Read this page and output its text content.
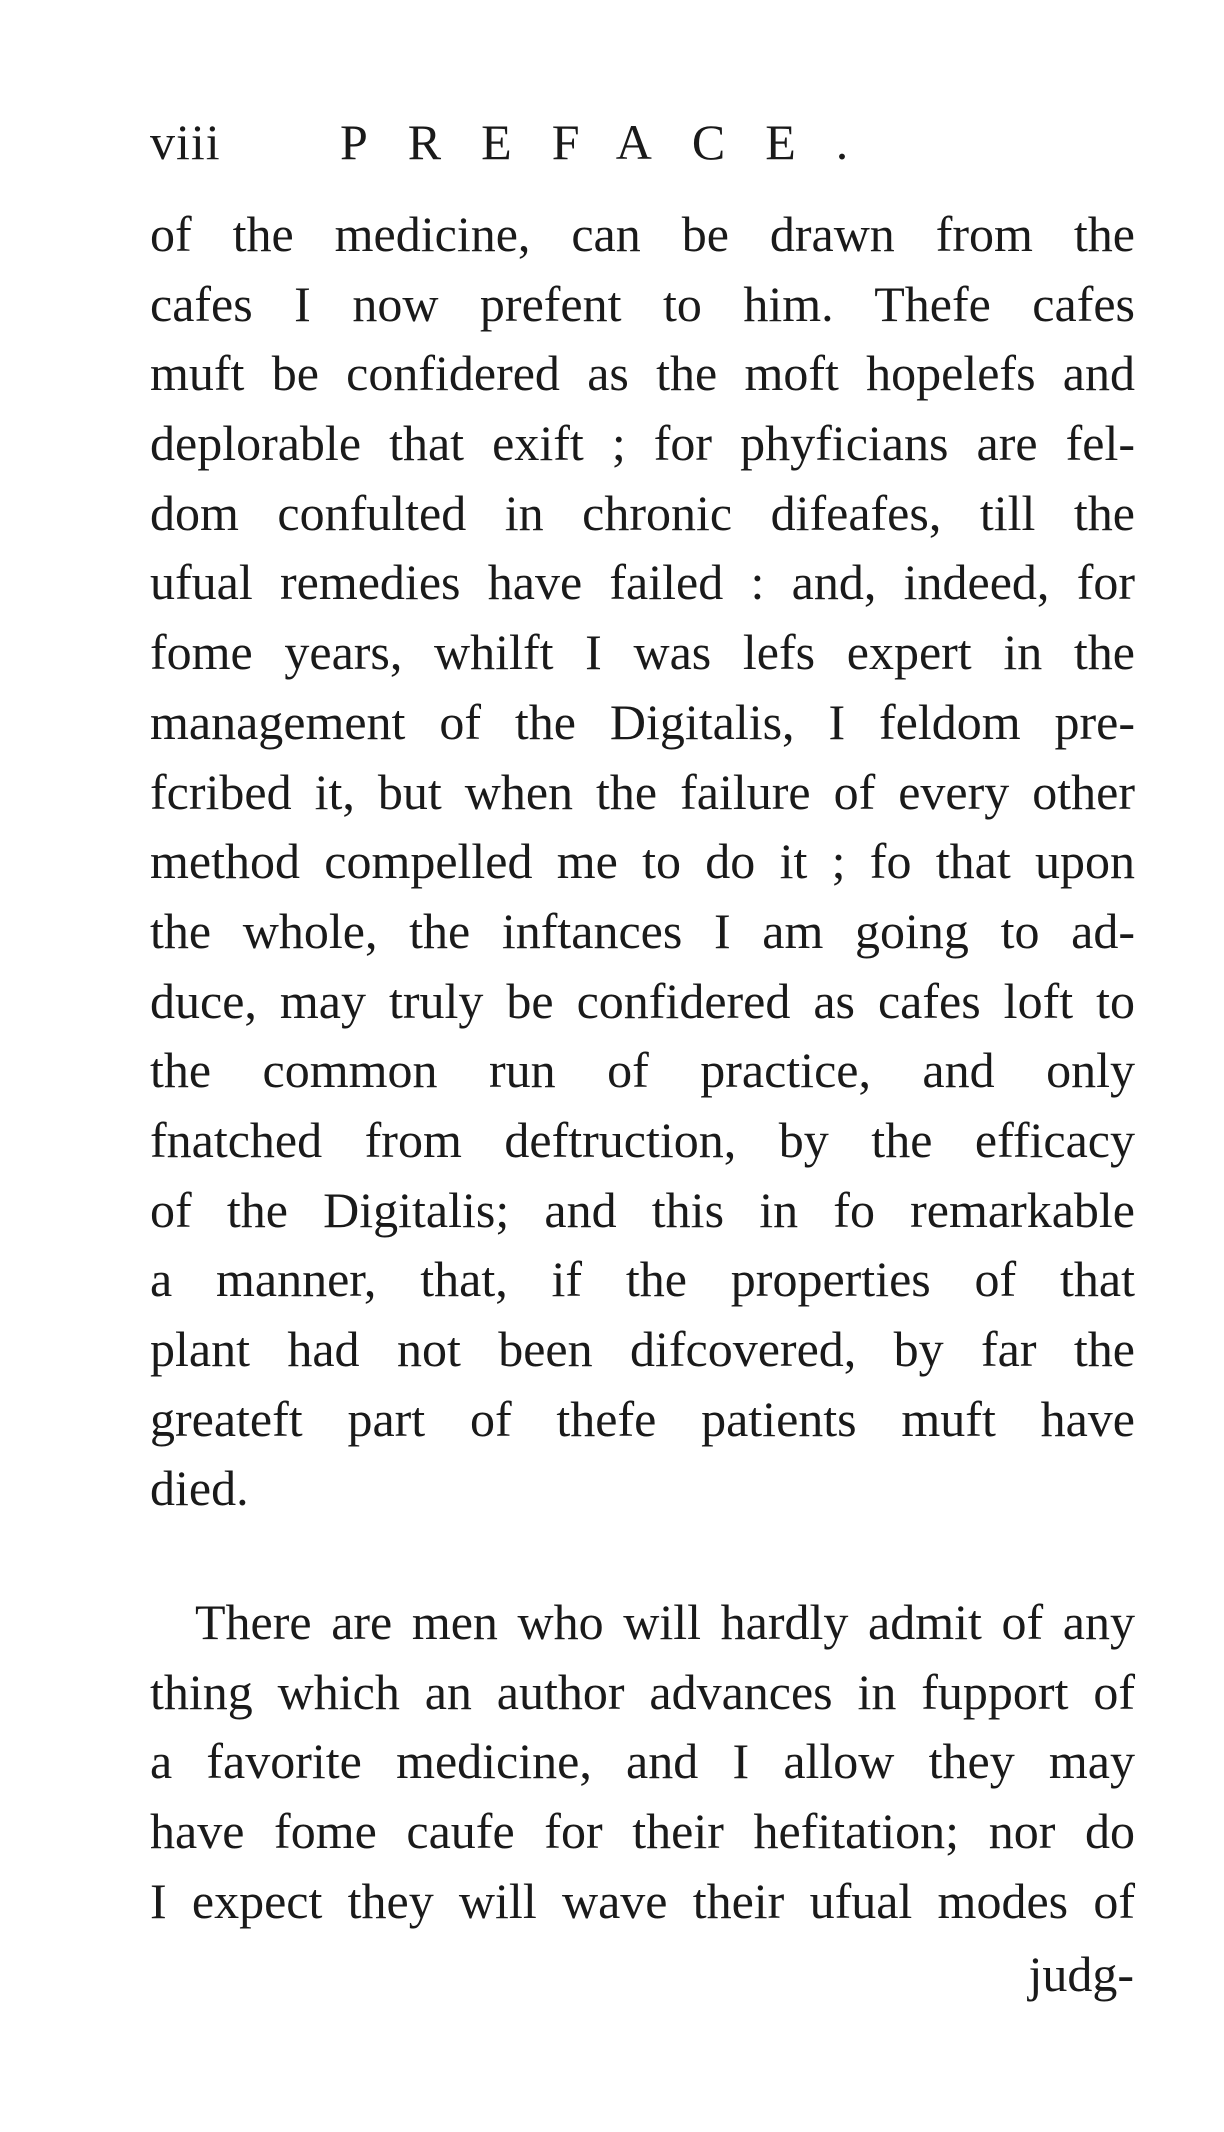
viii PREFACE.
of the medicine, can be drawn from the
cafes I now prefent to him. Thefe cafes
muft be confidered as the moft hopelefs and
deplorable that exift ; for phyficians are fel-
dom confulted in chronic difeafes, till the
ufual remedies have failed : and, indeed, for
fome years, whilft I was lefs expert in the
management of the Digitalis, I feldom pre-
fcribed it, but when the failure of every other
method compelled me to do it ; fo that upon
the whole, the inftances I am going to ad-
duce, may truly be confidered as cafes loft to
the common run of practice, and only
fnatched from deftruction, by the efficacy
of the Digitalis; and this in fo remarkable
a manner, that, if the properties of that
plant had not been difcovered, by far the
greateft part of thefe patients muft have
died.
There are men who will hardly admit of any
thing which an author advances in fupport of
a favorite medicine, and I allow they may
have fome caufe for their hefitation; nor do
I expect they will wave their ufual modes of
judg-
